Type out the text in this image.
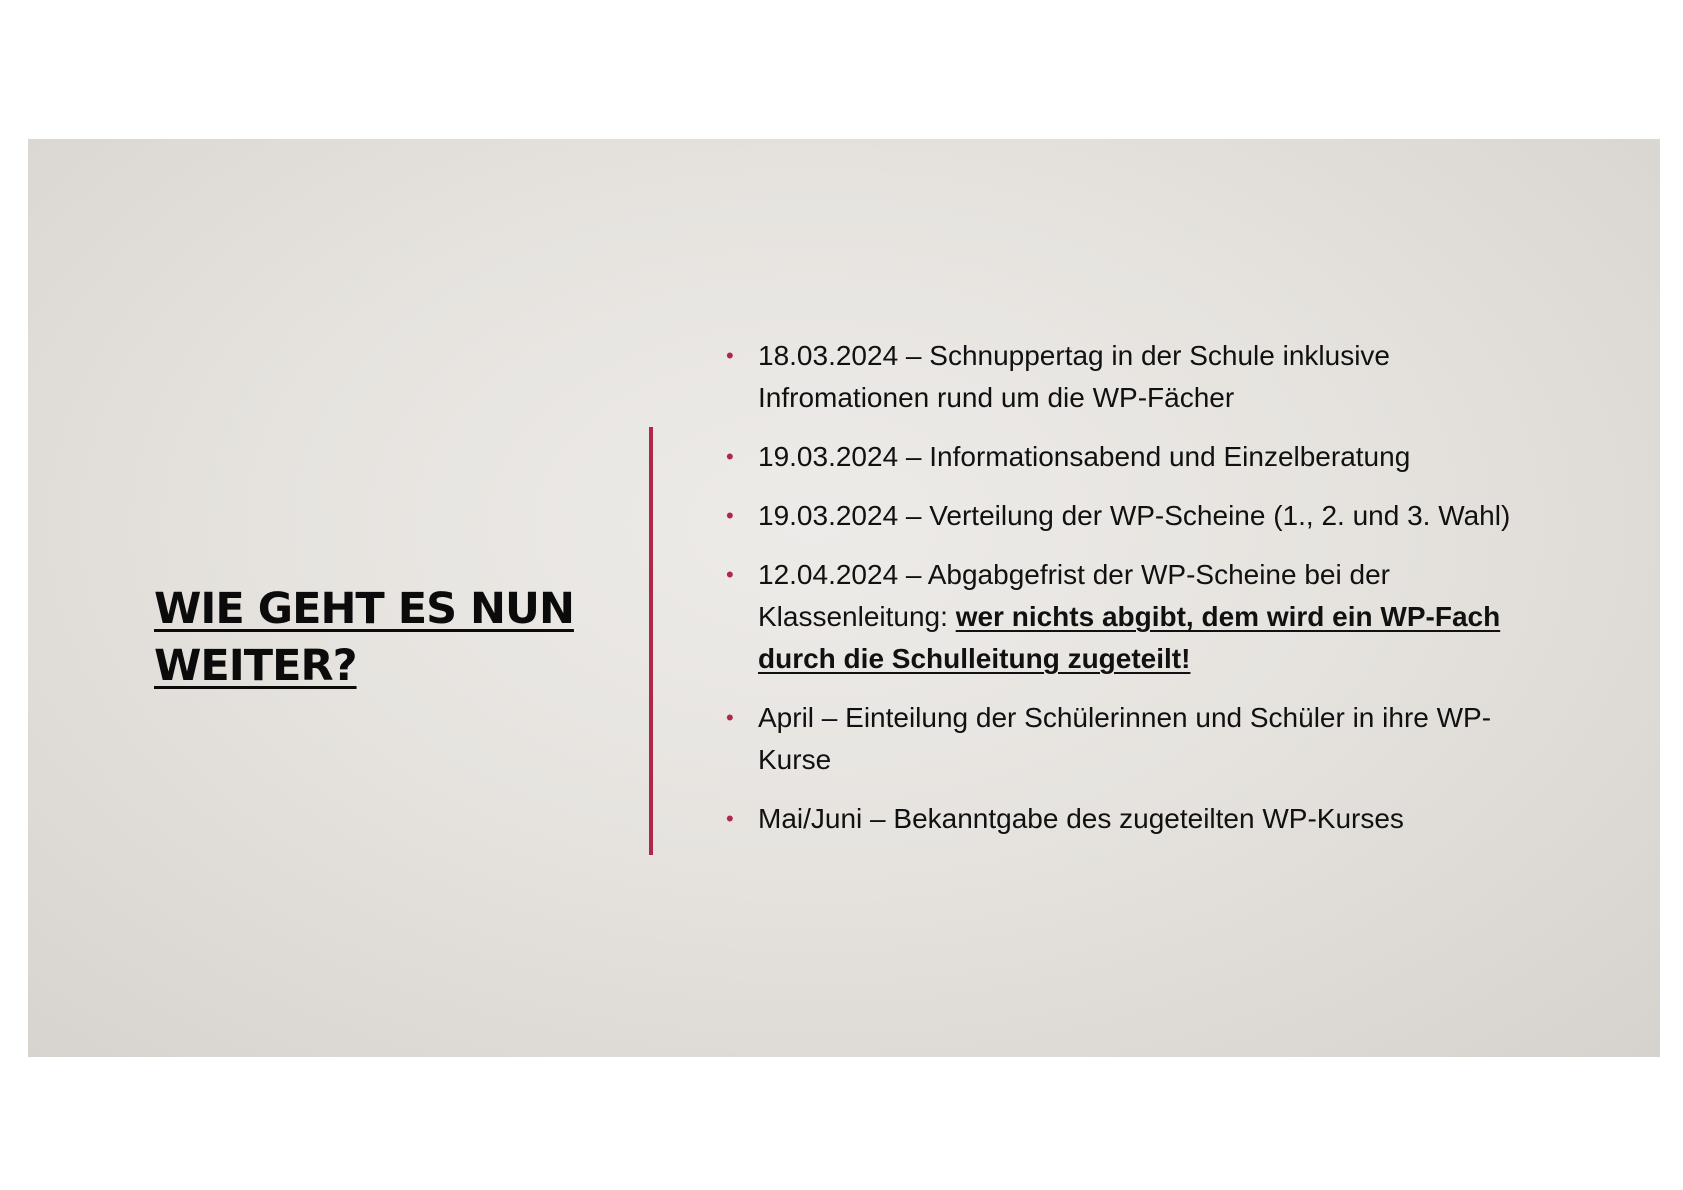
WIE GEHT ES NUN WEITER?
• 18.03.2024 – Schnuppertag in der Schule inklusive Infromationen rund um die WP-Fächer
• 19.03.2024 – Informationsabend und Einzelberatung
• 19.03.2024 – Verteilung der WP-Scheine (1., 2. und 3. Wahl)
• 12.04.2024 – Abgabgefrist der WP-Scheine bei der Klassenleitung: wer nichts abgibt, dem wird ein WP-Fach durch die Schulleitung zugeteilt!
• April – Einteilung der Schülerinnen und Schüler in ihre WP-Kurse
• Mai/Juni – Bekanntgabe des zugeteilten WP-Kurses
